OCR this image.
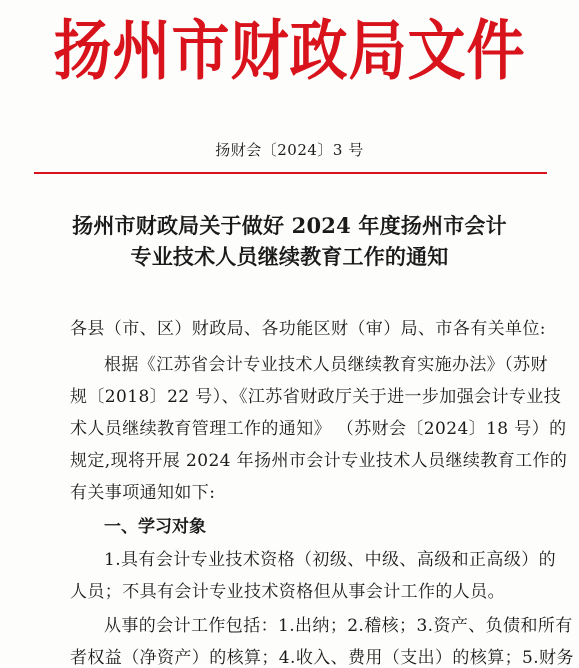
扬州市财政局文件
扬财会〔2024〕3 号
扬州市财政局关于做好 2024 年度扬州市会计
专业技术人员继续教育工作的通知
各县（市、区）财政局、各功能区财（审）局、市各有关单位:
根据《江苏省会计专业技术人员继续教育实施办法》（苏财
规〔2018〕22 号）、《江苏省财政厅关于进一步加强会计专业技
术人员继续教育管理工作的通知》 （苏财会〔2024〕18 号）的
规定,现将开展 2024 年扬州市会计专业技术人员继续教育工作的
有关事项通知如下:
一、学习对象
1.具有会计专业技术资格（初级、中级、高级和正高级）的
人员；不具有会计专业技术资格但从事会计工作的人员。
从事的会计工作包括：1.出纳；2.稽核；3.资产、负债和所有
者权益（净资产）的核算；4.收入、费用（支出）的核算；5.财务
